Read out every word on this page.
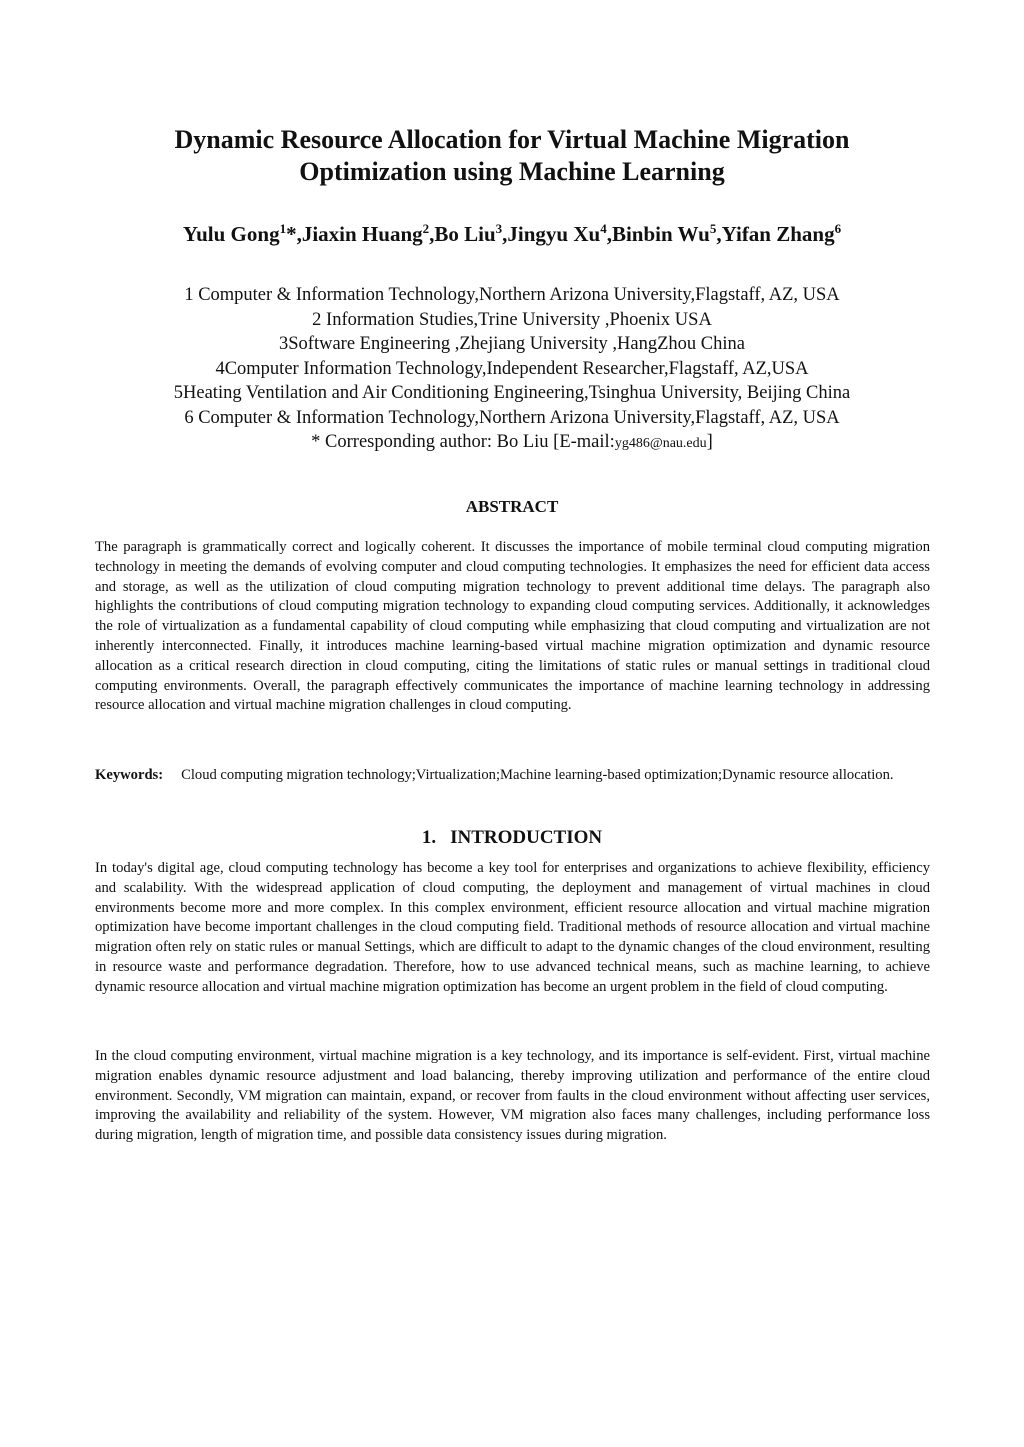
Dynamic Resource Allocation for Virtual Machine Migration
Optimization using Machine Learning
Yulu Gong$^1$*,Jiaxin Huang$^2$,Bo Liu$^3$,Jingyu Xu$^4$,Binbin Wu$^5$,Yifan Zhang$^6$
1 Computer & Information Technology,Northern Arizona University,Flagstaff, AZ, USA
2 Information Studies,Trine University ,Phoenix USA
3Software Engineering ,Zhejiang University ,HangZhou China
4Computer Information Technology,Independent Researcher,Flagstaff, AZ,USA
5Heating Ventilation and Air Conditioning Engineering,Tsinghua University, Beijing China
6 Computer & Information Technology,Northern Arizona University,Flagstaff, AZ, USA
* Corresponding author: Bo Liu [E-mail:yg486@nau.edu]
ABSTRACT

The paragraph is grammatically correct and logically coherent. It discusses the importance of mobile terminal cloud computing migration technology in meeting the demands of evolving computer and cloud computing technologies. It emphasizes the need for efficient data access and storage, as well as the utilization of cloud computing migration technology to prevent additional time delays. The paragraph also highlights the contributions of cloud computing migration technology to expanding cloud computing services. Additionally, it acknowledges the role of virtualization as a fundamental capability of cloud computing while emphasizing that cloud computing and virtualization are not inherently interconnected. Finally, it introduces machine learning-based virtual machine migration optimization and dynamic resource allocation as a critical research direction in cloud computing, citing the limitations of static rules or manual settings in traditional cloud computing environments. Overall, the paragraph effectively communicates the importance of machine learning technology in addressing resource allocation and virtual machine migration challenges in cloud computing.

Keywords: Cloud computing migration technology;Virtualization;Machine learning-based optimization;Dynamic resource allocation.

1. INTRODUCTION

In today's digital age, cloud computing technology has become a key tool for enterprises and organizations to achieve flexibility, efficiency and scalability. With the widespread application of cloud computing, the deployment and management of virtual machines in cloud environments become more and more complex. In this complex environment, efficient resource allocation and virtual machine migration optimization have become important challenges in the cloud computing field. Traditional methods of resource allocation and virtual machine migration often rely on static rules or manual Settings, which are difficult to adapt to the dynamic changes of the cloud environment, resulting in resource waste and performance degradation. Therefore, how to use advanced technical means, such as machine learning, to achieve dynamic resource allocation and virtual machine migration optimization has become an urgent problem in the field of cloud computing.

In the cloud computing environment, virtual machine migration is a key technology, and its importance is self-evident. First, virtual machine migration enables dynamic resource adjustment and load balancing, thereby improving utilization and performance of the entire cloud environment. Secondly, VM migration can maintain, expand, or recover from faults in the cloud environment without affecting user services, improving the availability and reliability of the system. However, VM migration also faces many challenges, including performance loss during migration, length of migration time, and possible data consistency issues during migration.
